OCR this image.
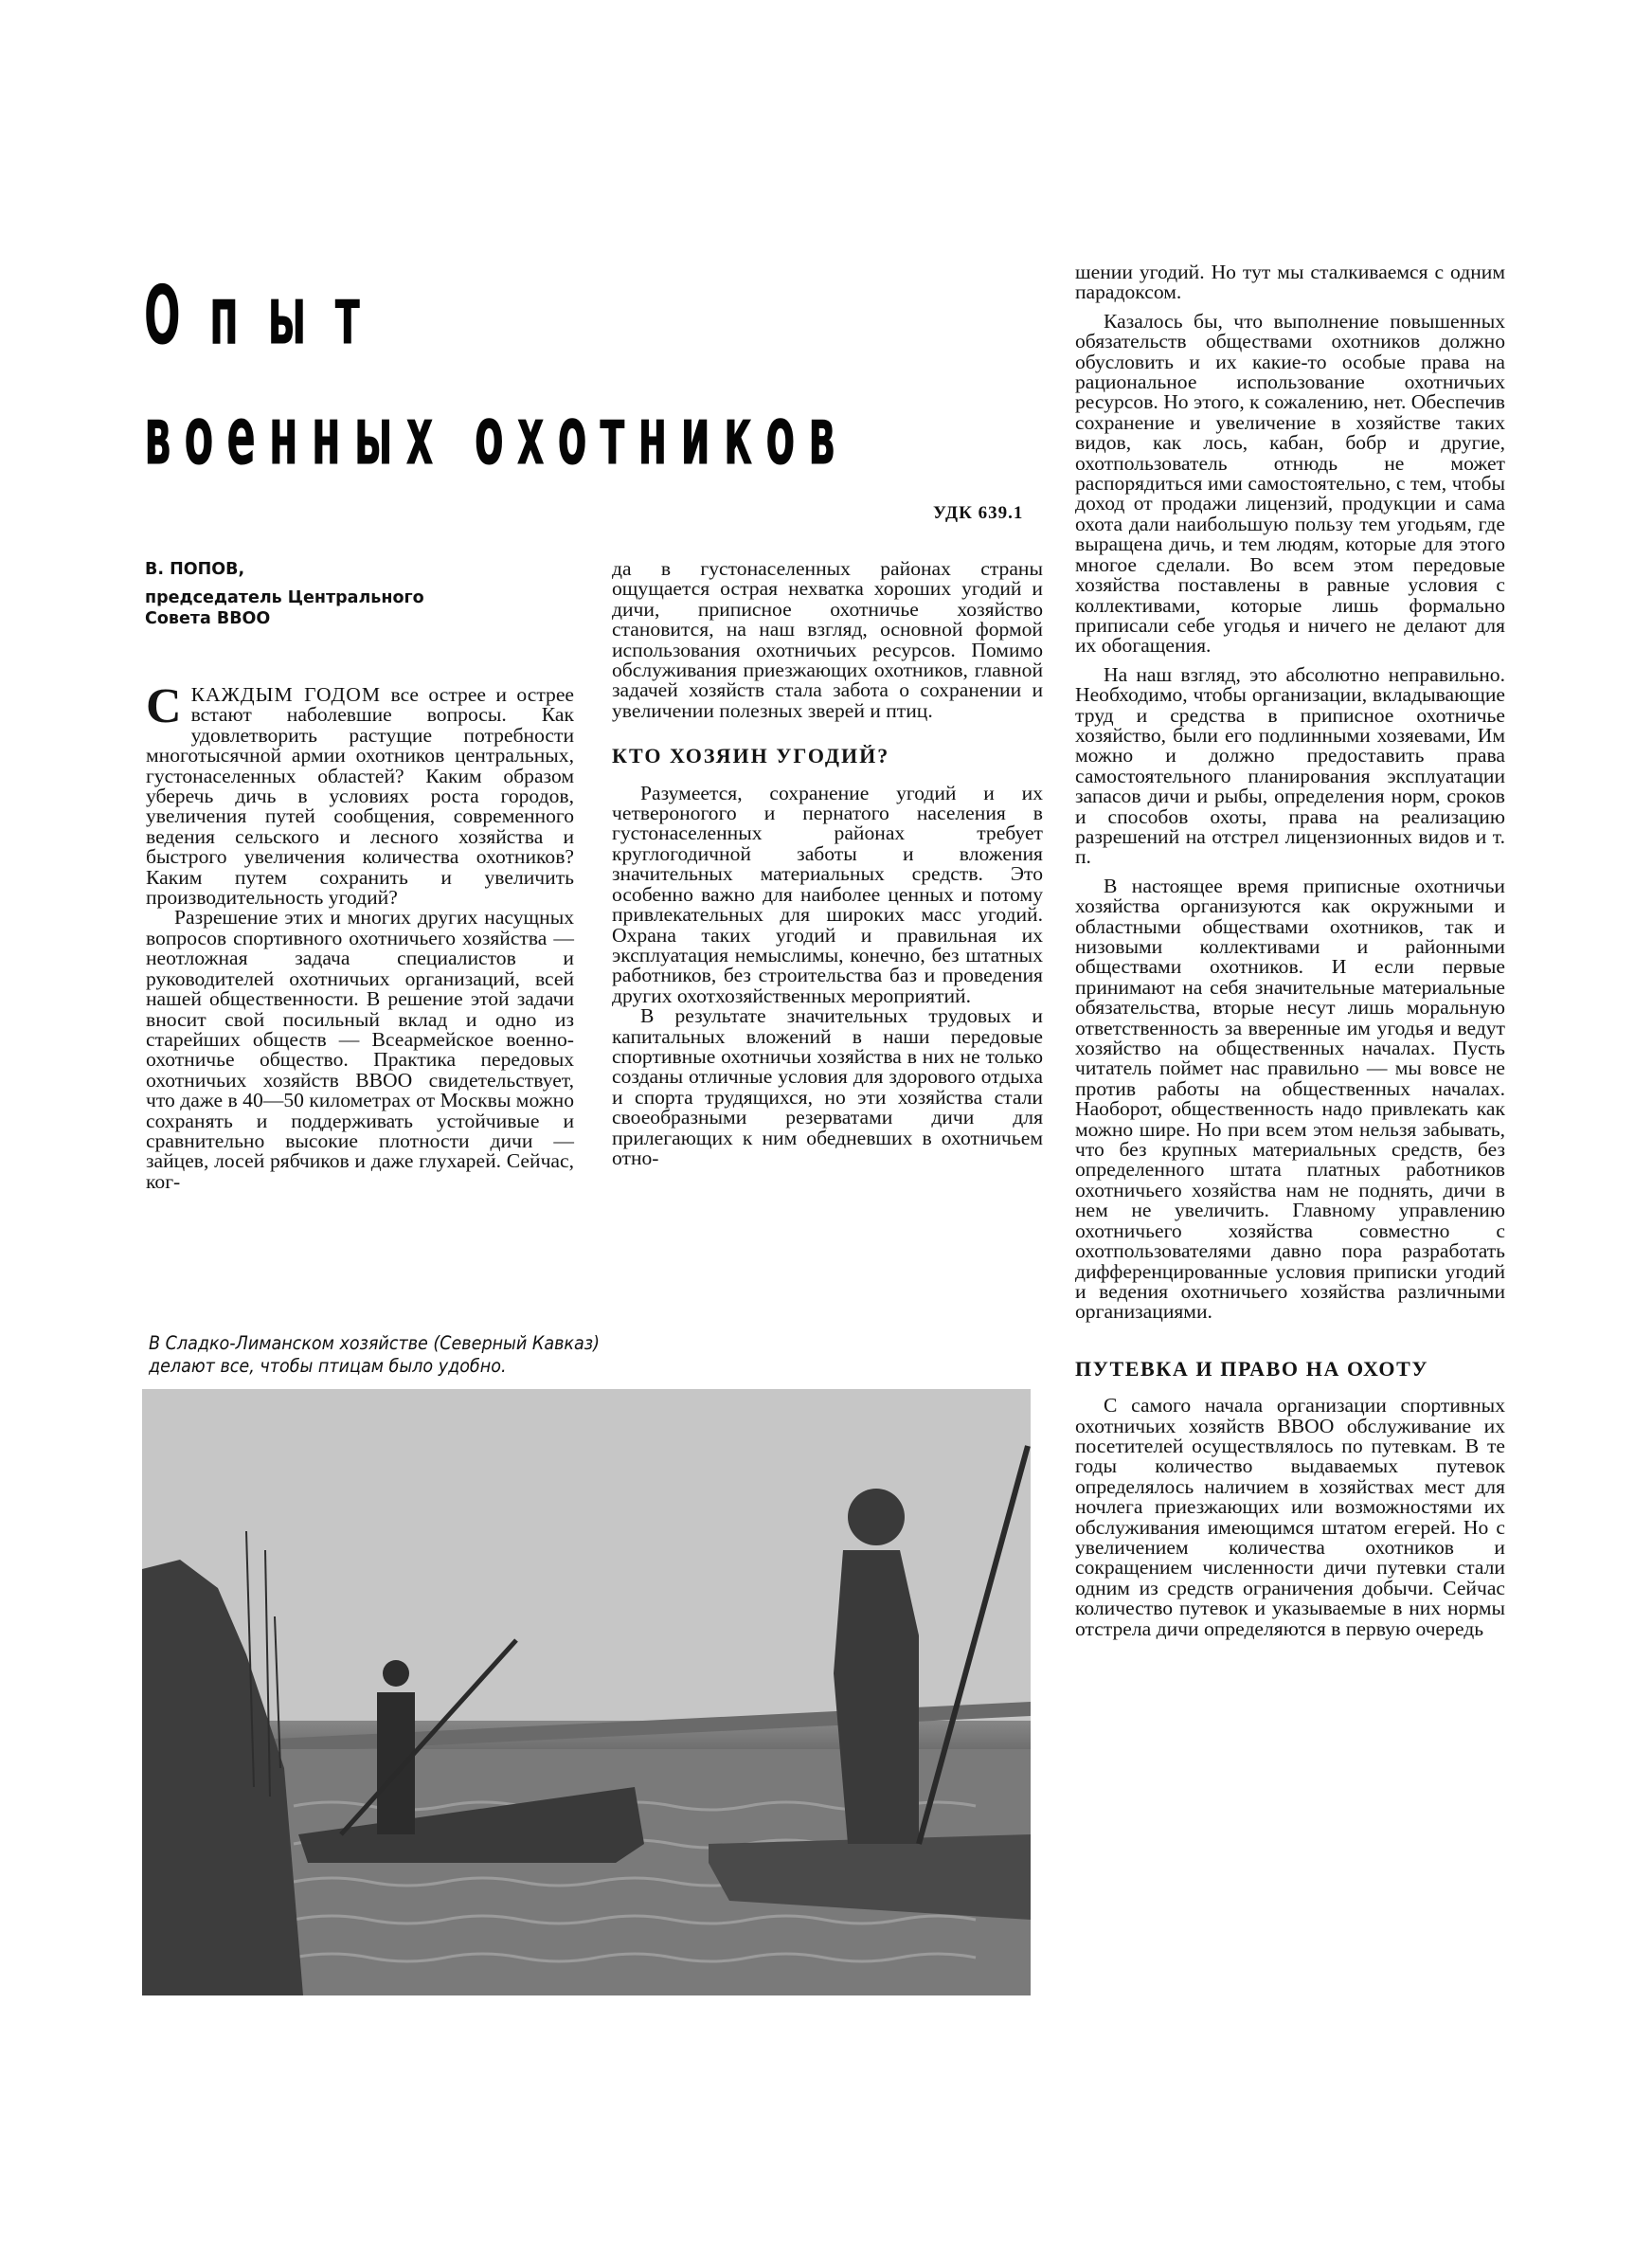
Опыт
военных охотников
УДК 639.1
В. ПОПОВ,
председатель Центрального
Совета ВВОО

СКАЖДЫМ ГОДОМ все острее и острее встают наболевшие вопросы. Как удовлетворить растущие потребности многотысячной армии охотников центральных, густонаселенных областей? Каким образом уберечь дичь в условиях роста городов, увеличения путей сообщения, современного ведения сельского и лесного хозяйства и быстрого увеличения количества охотников? Каким путем сохранить и увеличить производительность угодий?

Разрешение этих и многих других насущных вопросов спортивного охотничьего хозяйства — неотложная задача специалистов и руководителей охотничьих организаций, всей нашей общественности. В решение этой задачи вносит свой посильный вклад и одно из старейших обществ — Всеармейское военно-охотничье общество. Практика передовых охотничьих хозяйств ВВОО свидетельствует, что даже в 40—50 километрах от Москвы можно сохранять и поддерживать устойчивые и сравнительно высокие плотности дичи — зайцев, лосей рябчиков и даже глухарей. Сейчас, ког-

да в густонаселенных районах страны ощущается острая нехватка хороших угодий и дичи, приписное охотничье хозяйство становится, на наш взгляд, основной формой использования охотничьих ресурсов. Помимо обслуживания приезжающих охотников, главной задачей хозяйств стала забота о сохранении и увеличении полезных зверей и птиц.

КТО ХОЗЯИН УГОДИЙ?

Разумеется, сохранение угодий и их четвероногого и пернатого населения в густонаселенных районах требует круглогодичной заботы и вложения значительных материальных средств. Это особенно важно для наиболее ценных и потому привлекательных для широких масс угодий. Охрана таких угодий и правильная их эксплуатация немыслимы, конечно, без штатных работников, без строительства баз и проведения других охотхозяйственных мероприятий.

В результате значительных трудовых и капитальных вложений в наши передовые спортивные охотничьи хозяйства в них не только созданы отличные условия для здорового отдыха и спорта трудящихся, но эти хозяйства стали своеобразными резерватами дичи для прилегающих к ним обедневших в охотничьем отно-

шении угодий. Но тут мы сталкиваемся с одним парадоксом.

Казалось бы, что выполнение повышенных обязательств обществами охотников должно обусловить и их какие-то особые права на рациональное использование охотничьих ресурсов. Но этого, к сожалению, нет. Обеспечив сохранение и увеличение в хозяйстве таких видов, как лось, кабан, бобр и другие, охотпользователь отнюдь не может распорядиться ими самостоятельно, с тем, чтобы доход от продажи лицензий, продукции и сама охота дали наибольшую пользу тем угодьям, где выращена дичь, и тем людям, которые для этого многое сделали. Во всем этом передовые хозяйства поставлены в равные условия с коллективами, которые лишь формально приписали себе угодья и ничего не делают для их обогащения.

На наш взгляд, это абсолютно неправильно. Необходимо, чтобы организации, вкладывающие труд и средства в приписное охотничье хозяйство, были его подлинными хозяевами, Им можно и должно предоставить права самостоятельного планирования эксплуатации запасов дичи и рыбы, определения норм, сроков и способов охоты, права на реализацию разрешений на отстрел лицензионных видов и т. п.

В настоящее время приписные охотничьи хозяйства организуются как окружными и областными обществами охотников, так и низовыми коллективами и районными обществами охотников. И если первые принимают на себя значительные материальные обязательства, вторые несут лишь моральную ответственность за вверенные им угодья и ведут хозяйство на общественных началах. Пусть читатель поймет нас правильно — мы вовсе не против работы на общественных началах. Наоборот, общественность надо привлекать как можно шире. Но при всем этом нельзя забывать, что без крупных материальных средств, без определенного штата платных работников охотничьего хозяйства нам не поднять, дичи в нем не увеличить. Главному управлению охотничьего хозяйства совместно с охотпользователями давно пора разработать дифференцированные условия приписки угодий и ведения охотничьего хозяйства различными организациями.

ПУТЕВКА И ПРАВО НА ОХОТУ

С самого начала организации спортивных охотничьих хозяйств ВВОО обслуживание их посетителей осуществлялось по путевкам. В те годы количество выдаваемых путевок определялось наличием в хозяйствах мест для ночлега приезжающих или возможностями их обслуживания имеющимся штатом егерей. Но с увеличением количества охотников и сокращением численности дичи путевки стали одним из средств ограничения добычи. Сейчас количество путевок и указываемые в них нормы отстрела дичи определяются в первую очередь

В Сладко-Лиманском хозяйстве (Северный Кавказ)
делают все, чтобы птицам было удобно.
